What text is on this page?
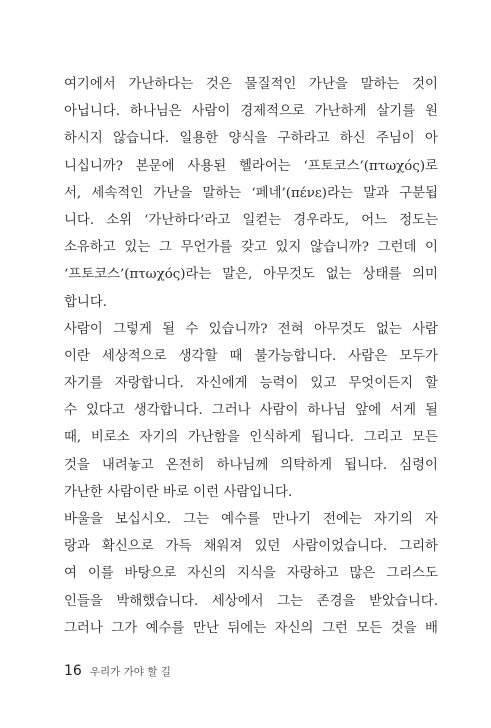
여기에서 가난하다는 것은 물질적인 가난을 말하는 것이
아닙니다. 하나님은 사람이 경제적으로 가난하게 살기를 원
하시지 않습니다. 일용한 양식을 구하라고 하신 주님이 아
니십니까? 본문에 사용된 헬라어는 ‘프토코스’(πτωχός)로
서, 세속적인 가난을 말하는 ‘페네’(πένε)라는 말과 구분됩
니다. 소위 ‘가난하다’라고 일컫는 경우라도, 어느 정도는
소유하고 있는 그 무언가를 갖고 있지 않습니까? 그런데 이
‘프토코스’(πτωχός)라는 말은, 아무것도 없는 상태를 의미
합니다.
사람이 그렇게 될 수 있습니까? 전혀 아무것도 없는 사람
이란 세상적으로 생각할 때 불가능합니다. 사람은 모두가
자기를 자랑합니다. 자신에게 능력이 있고 무엇이든지 할
수 있다고 생각합니다. 그러나 사람이 하나님 앞에 서게 될
때, 비로소 자기의 가난함을 인식하게 됩니다. 그리고 모든
것을 내려놓고 온전히 하나님께 의탁하게 됩니다. 심령이
가난한 사람이란 바로 이런 사람입니다.
바울을 보십시오. 그는 예수를 만나기 전에는 자기의 자
랑과 확신으로 가득 채워져 있던 사람이었습니다. 그리하
여 이를 바탕으로 자신의 지식을 자랑하고 많은 그리스도
인들을 박해했습니다. 세상에서 그는 존경을 받았습니다.
그러나 그가 예수를 만난 뒤에는 자신의 그런 모든 것을 배
16 우리가 가야 할 길
